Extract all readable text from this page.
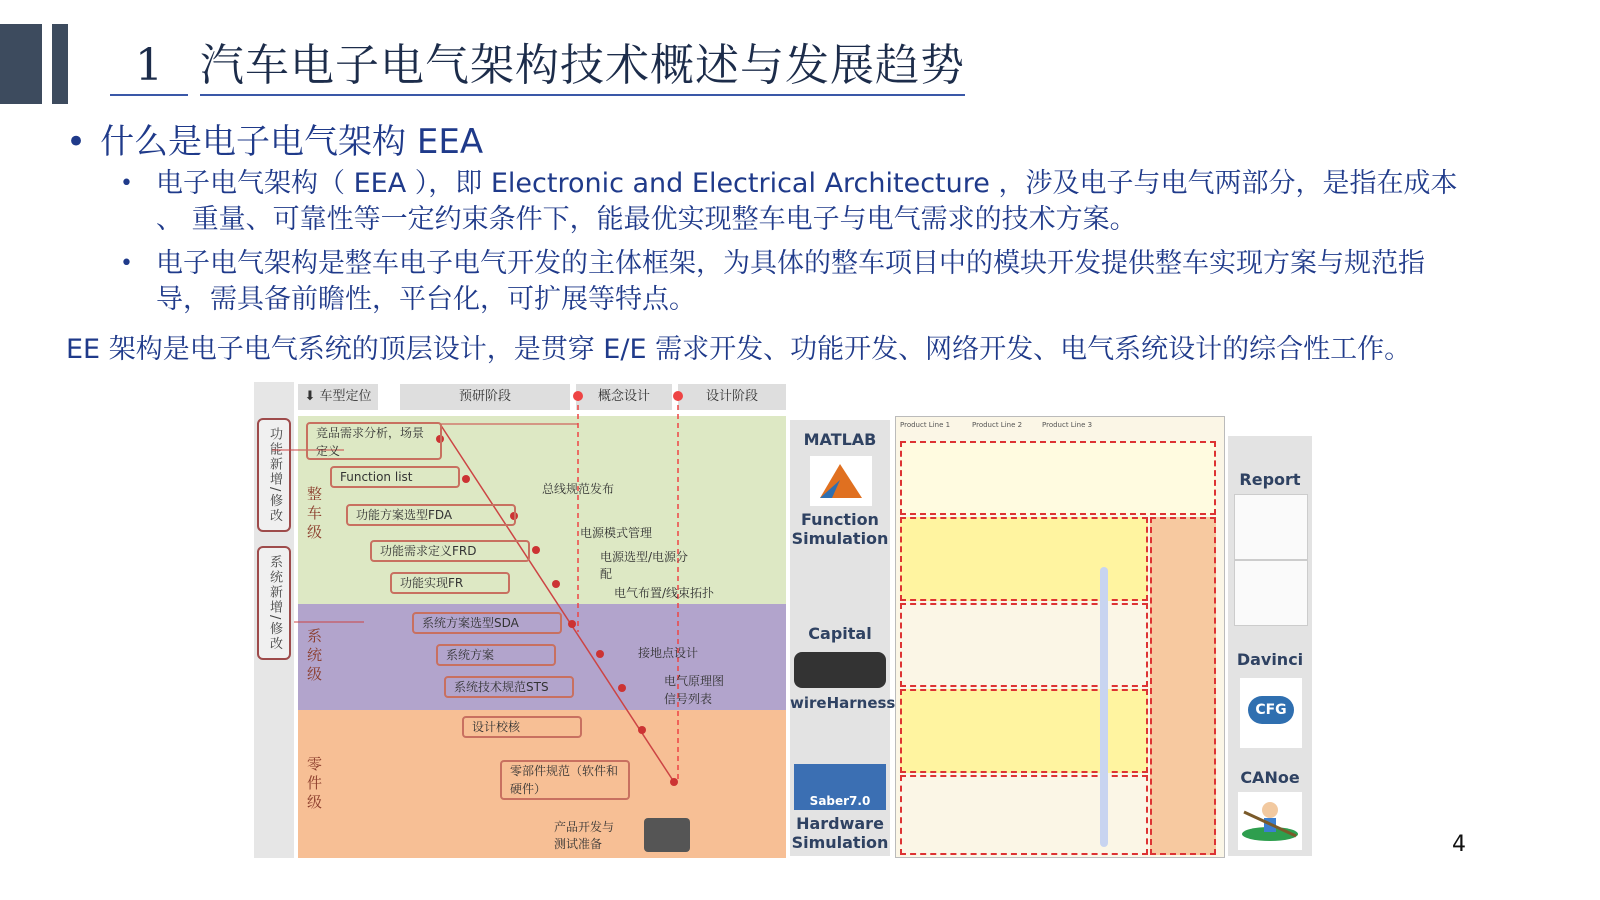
1 汽车电子电气架构技术概述与发展趋势
• 什么是电子电气架构 EEA
• 电子电气架构（ EEA ），即 Electronic and Electrical Architecture ，涉及电子与电气两部分，是指在成本
、 重量、可靠性等一定约束条件下，能最优实现整车电子与电气需求的技术方案。
• 电子电气架构是整车电子电气开发的主体框架，为具体的整车项目中的模块开发提供整车实现方案与规范指
导，需具备前瞻性，平台化，可扩展等特点。
EE 架构是电子电气系统的顶层设计，是贯穿 E/E 需求开发、功能开发、网络开发、电气系统设计的综合性工作。
功能新增/修改
系统新增/修改
⬇ 车型定位	预研阶段	概念设计	设计阶段
整车级
系统级
零件级
竞品需求分析，场景定义
Function list
功能方案选型FDA
功能需求定义FRD
功能实现FR
系统方案选型SDA
系统方案
系统技术规范STS
设计校核
零部件规范（软件和硬件）
产品开发与测试准备
总线规范发布
电源模式管理
电源选型/电源分配
电气布置/线束拓扑
接地点设计
电气原理图
信号列表
MATLAB
Function Simulation
Capital
wireHarness
Saber7.0
Hardware Simulation
Product Line 1	Product Line 2	Product Line 3
Report
Davinci
CFG
CANoe
4
